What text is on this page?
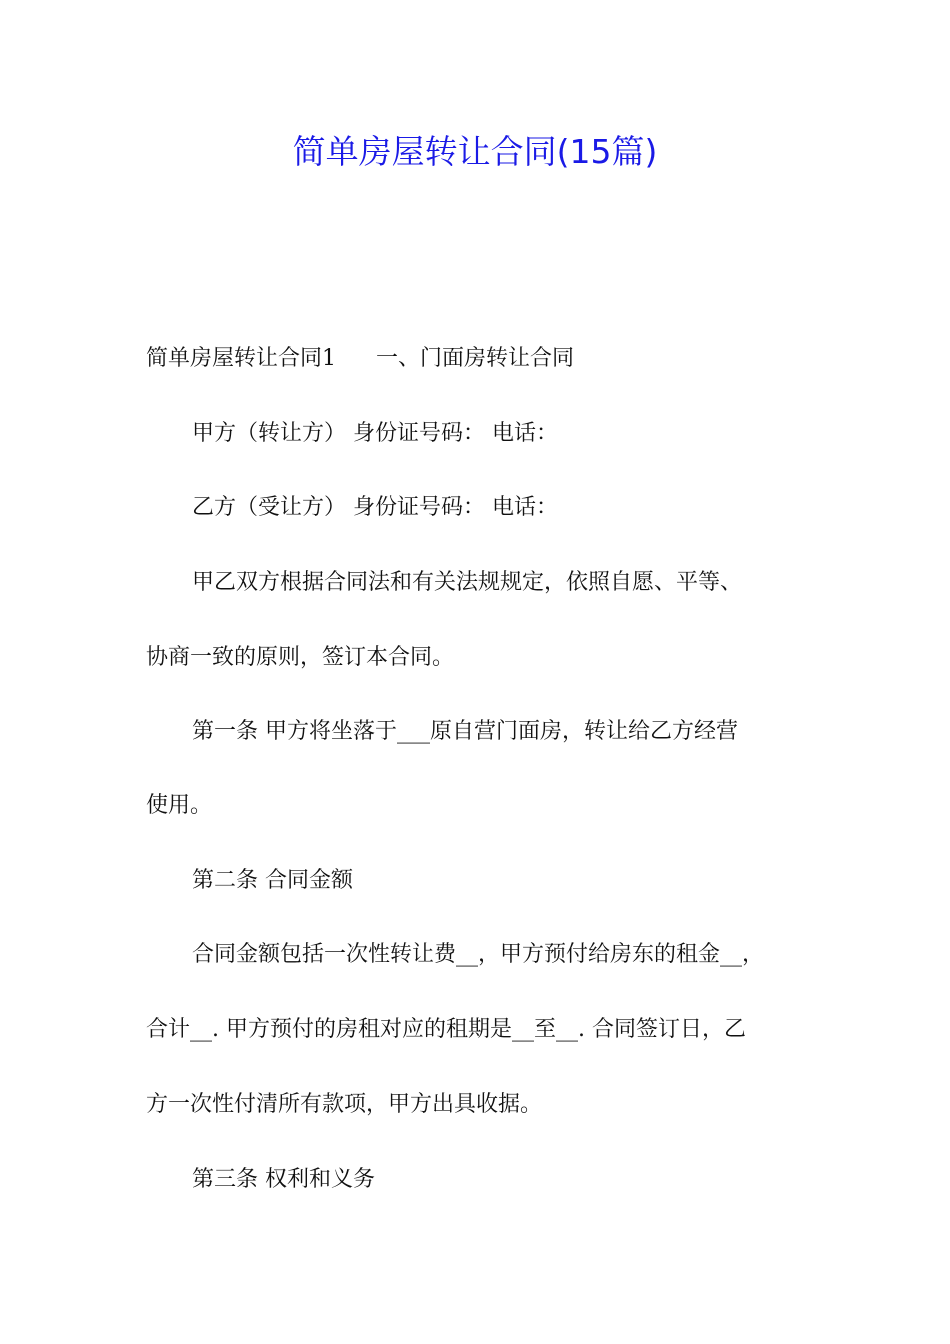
简单房屋转让合同(15篇)
简单房屋转让合同1 一、门面房转让合同
甲方（转让方） 身份证号码： 电话：
乙方（受让方） 身份证号码： 电话：
甲乙双方根据合同法和有关法规规定，依照自愿、平等、
协商一致的原则，签订本合同。
第一条 甲方将坐落于___原自营门面房，转让给乙方经营
使用。
第二条 合同金额
合同金额包括一次性转让费__，甲方预付给房东的租金__，
合计__. 甲方预付的房租对应的租期是__至__. 合同签订日，乙
方一次性付清所有款项，甲方出具收据。
第三条 权利和义务
